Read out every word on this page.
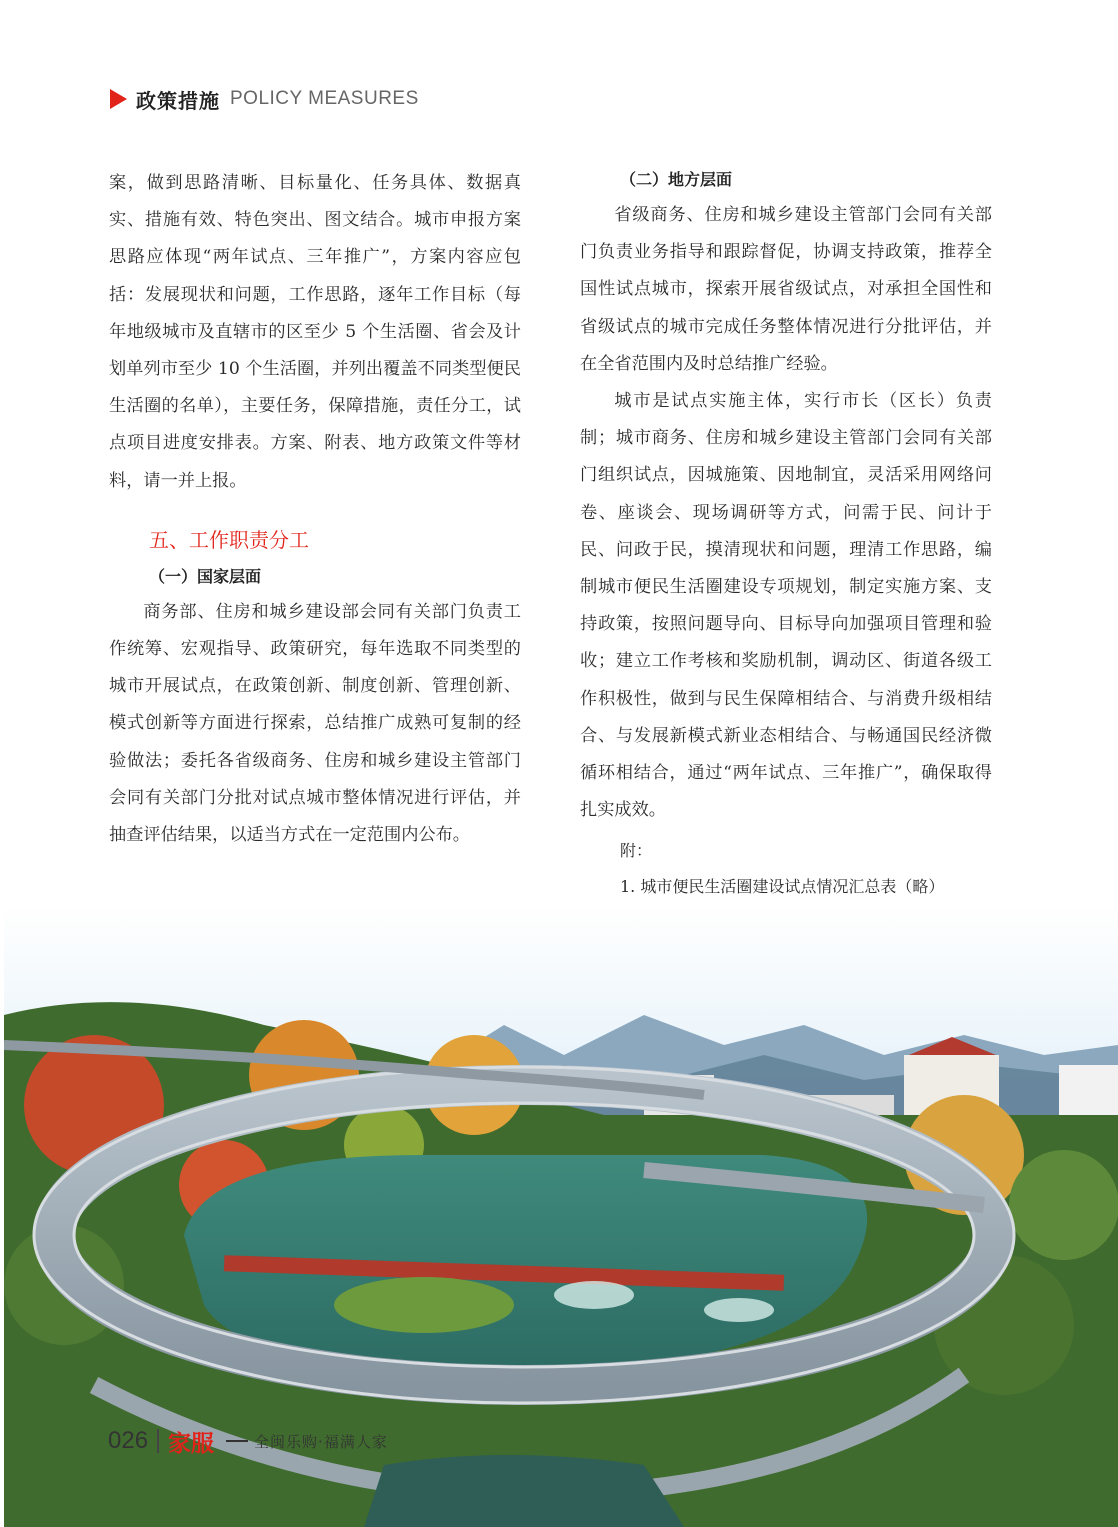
政策措施 POLICY MEASURES

案，做到思路清晰、目标量化、任务具体、数据真实、措施有效、特色突出、图文结合。城市申报方案思路应体现“两年试点、三年推广”，方案内容应包括：发展现状和问题，工作思路，逐年工作目标（每年地级城市及直辖市的区至少 5 个生活圈、省会及计划单列市至少 10 个生活圈，并列出覆盖不同类型便民生活圈的名单），主要任务，保障措施，责任分工，试点项目进度安排表。方案、附表、地方政策文件等材料，请一并上报。

五、工作职责分工

（一）国家层面

商务部、住房和城乡建设部会同有关部门负责工作统筹、宏观指导、政策研究，每年选取不同类型的城市开展试点，在政策创新、制度创新、管理创新、模式创新等方面进行探索，总结推广成熟可复制的经验做法；委托各省级商务、住房和城乡建设主管部门会同有关部门分批对试点城市整体情况进行评估，并抽查评估结果，以适当方式在一定范围内公布。

（二）地方层面

省级商务、住房和城乡建设主管部门会同有关部门负责业务指导和跟踪督促，协调支持政策，推荐全国性试点城市，探索开展省级试点，对承担全国性和省级试点的城市完成任务整体情况进行分批评估，并在全省范围内及时总结推广经验。

城市是试点实施主体，实行市长（区长）负责制；城市商务、住房和城乡建设主管部门会同有关部门组织试点，因城施策、因地制宜，灵活采用网络问卷、座谈会、现场调研等方式，问需于民、问计于民、问政于民，摸清现状和问题，理清工作思路，编制城市便民生活圈建设专项规划，制定实施方案、支持政策，按照问题导向、目标导向加强项目管理和验收；建立工作考核和奖励机制，调动区、街道各级工作积极性，做到与民生保障相结合、与消费升级相结合、与发展新模式新业态相结合、与畅通国民经济微循环相结合，通过“两年试点、三年推广”，确保取得扎实成效。

附：

1. 城市便民生活圈建设试点情况汇总表（略）

026 家服	全闽乐购·福满人家
